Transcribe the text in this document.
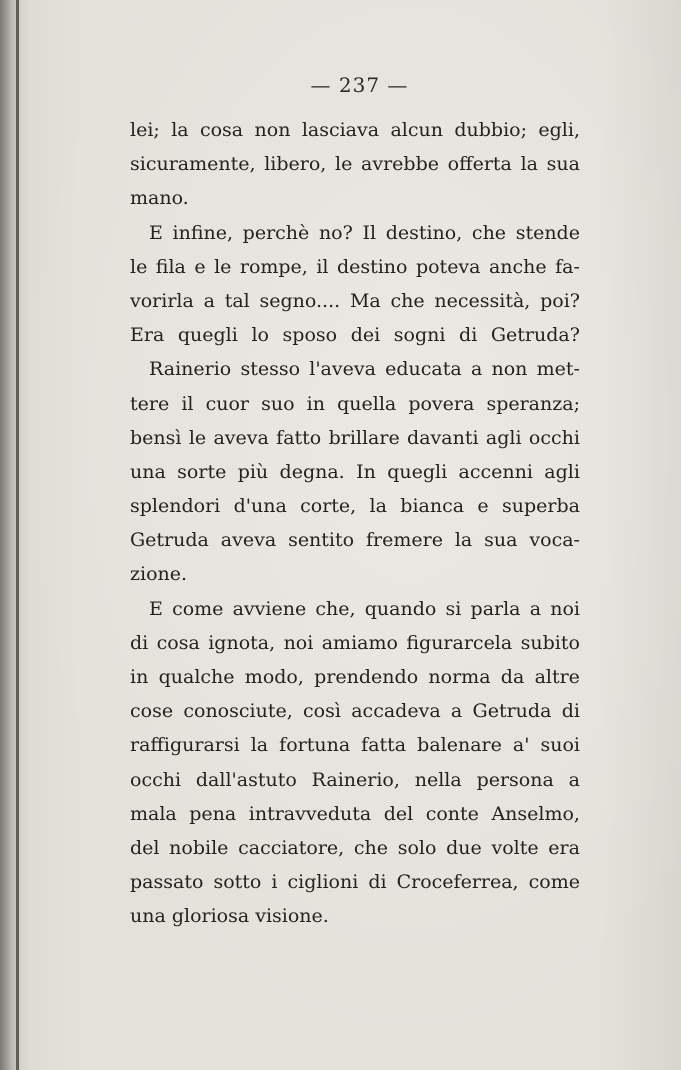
— 237 —
lei; la cosa non lasciava alcun dubbio; egli,
sicuramente, libero, le avrebbe offerta la sua
mano.
E infine, perchè no? Il destino, che stende
le fila e le rompe, il destino poteva anche fa-
vorirla a tal segno.... Ma che necessità, poi?
Era quegli lo sposo dei sogni di Getruda?
Rainerio stesso l'aveva educata a non met-
tere il cuor suo in quella povera speranza;
bensì le aveva fatto brillare davanti agli occhi
una sorte più degna. In quegli accenni agli
splendori d'una corte, la bianca e superba
Getruda aveva sentito fremere la sua voca-
zione.
E come avviene che, quando si parla a noi
di cosa ignota, noi amiamo figurarcela subito
in qualche modo, prendendo norma da altre
cose conosciute, così accadeva a Getruda di
raffigurarsi la fortuna fatta balenare a' suoi
occhi dall'astuto Rainerio, nella persona a
mala pena intravveduta del conte Anselmo,
del nobile cacciatore, che solo due volte era
passato sotto i ciglioni di Croceferrea, come
una gloriosa visione.
